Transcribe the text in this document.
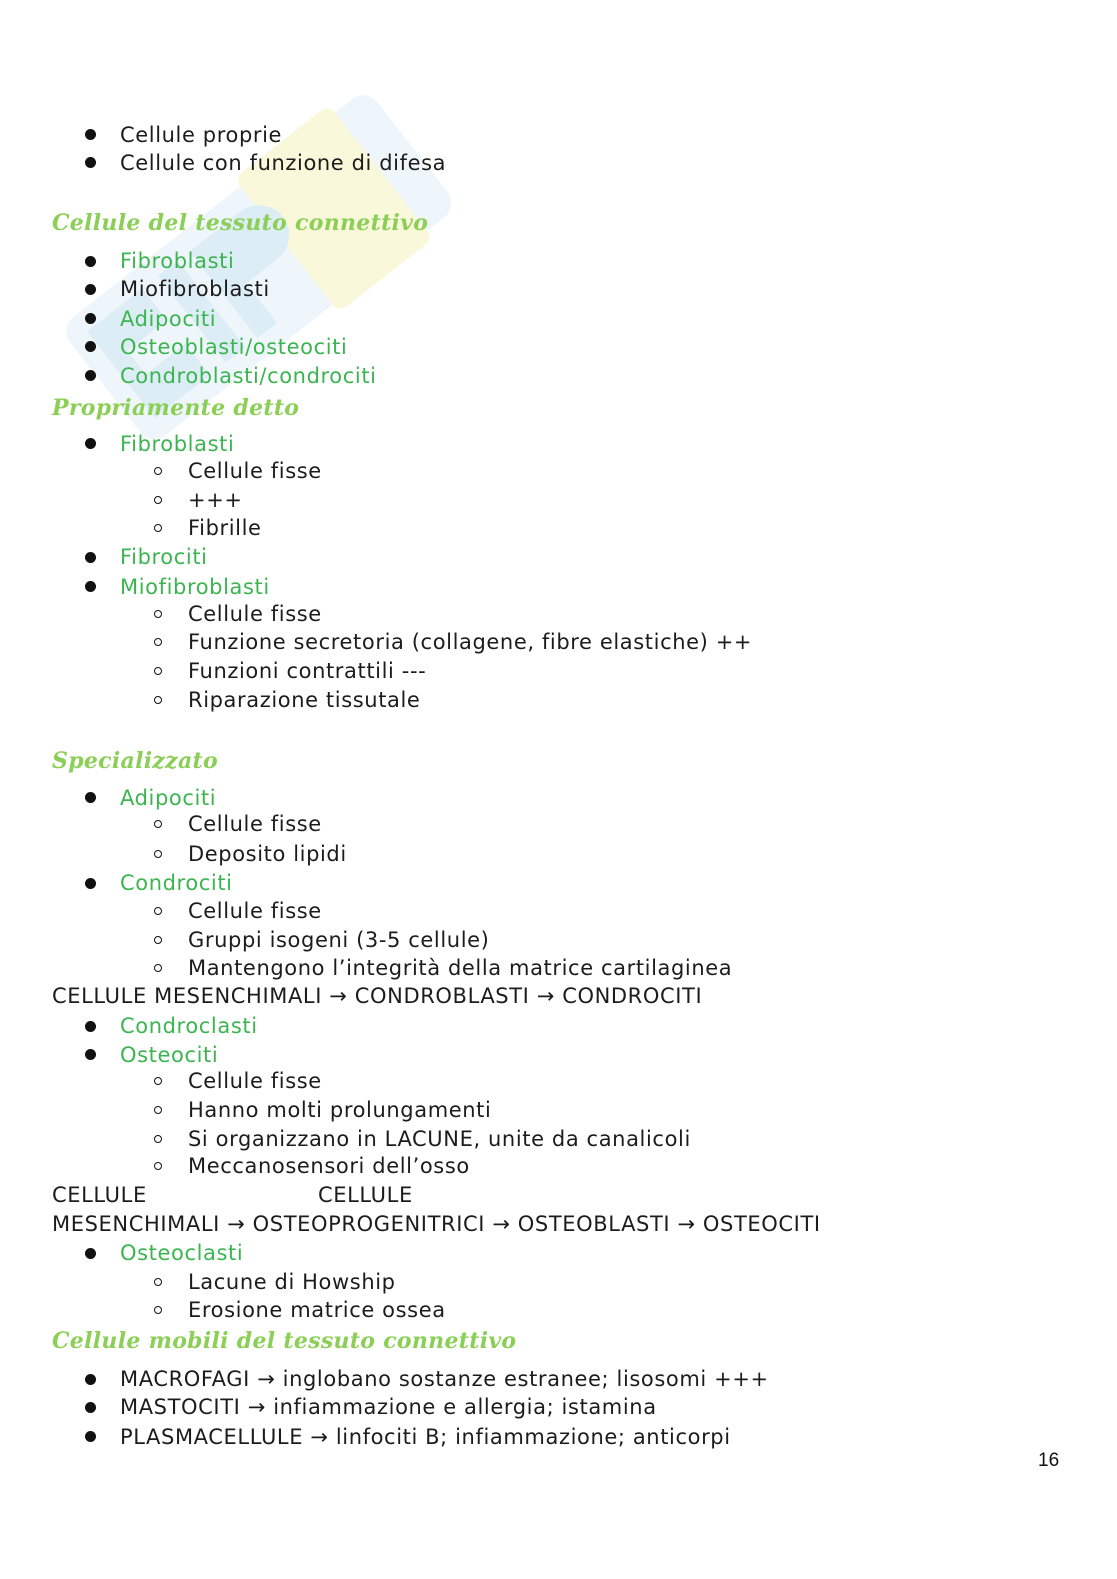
Cellule proprie
Cellule con funzione di difesa
Cellule del tessuto connettivo
Fibroblasti
Miofibroblasti
Adipociti
Osteoblasti/osteociti
Condroblasti/condrociti
Propriamente detto
Fibroblasti
Cellule fisse
+++
Fibrille
Fibrociti
Miofibroblasti
Cellule fisse
Funzione secretoria (collagene, fibre elastiche) ++
Funzioni contrattili ---
Riparazione tissutale
Specializzato
Adipociti
Cellule fisse
Deposito lipidi
Condrociti
Cellule fisse
Gruppi isogeni (3-5 cellule)
Mantengono l’integrità della matrice cartilaginea
CELLULE MESENCHIMALI → CONDROBLASTI → CONDROCITI
Condroclasti
Osteociti
Cellule fisse
Hanno molti prolungamenti
Si organizzano in LACUNE, unite da canalicoli
Meccanosensori dell’osso
CELLULE	CELLULE
MESENCHIMALI → OSTEOPROGENITRICI → OSTEOBLASTI → OSTEOCITI
Osteoclasti
Lacune di Howship
Erosione matrice ossea
Cellule mobili del tessuto connettivo
MACROFAGI → inglobano sostanze estranee; lisosomi +++
MASTOCITI → infiammazione e allergia; istamina
PLASMACELLULE → linfociti B; infiammazione; anticorpi
16
